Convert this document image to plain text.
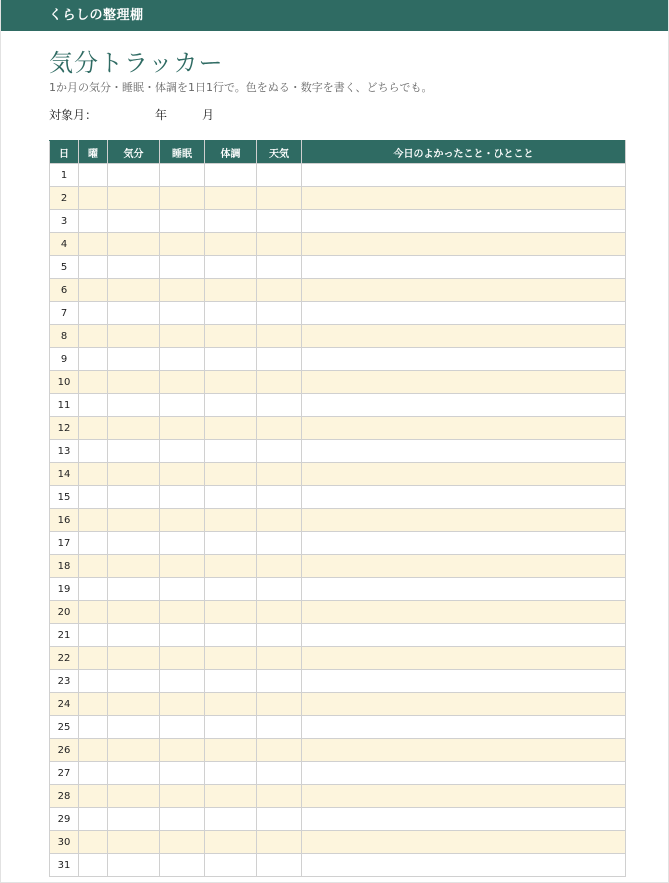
くらしの整理棚
気分トラッカー
1か月の気分・睡眠・体調を1日1行で。色をぬる・数字を書く、どちらでも。
対象月：	年	月
日	曜	気分	睡眠	体調	天気	今日のよかったこと・ひとこと
1						
2						
3						
4						
5						
6						
7						
8						
9						
10						
11						
12						
13						
14						
15						
16						
17						
18						
19						
20						
21						
22						
23						
24						
25						
26						
27						
28						
29						
30						
31						
